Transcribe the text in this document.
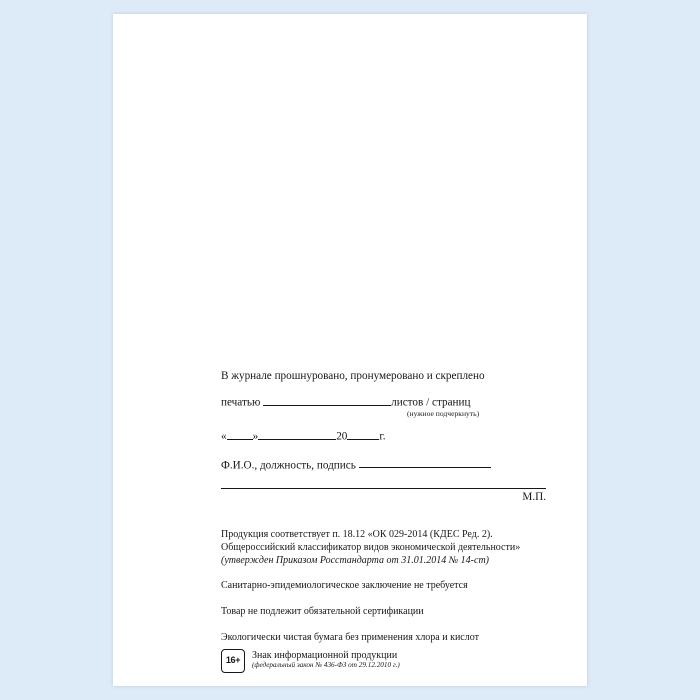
В журнале прошнуровано, пронумеровано и скреплено

печатью	листов / страниц

(нужное подчеркнуть)

« »	20	г.

Ф.И.О., должность, подпись

М.П.

Продукция соответствует п. 18.12 «ОК 029-2014 (КДЕС Ред. 2).
Общероссийский классификатор видов экономической деятельности»
(утвержден Приказом Росстандарта от 31.01.2014 № 14-ст)

Санитарно-эпидемиологическое заключение не требуется

Товар не подлежит обязательной сертификации

Экологически чистая бумага без применения хлора и кислот

16+	Знак информационной продукции
(федеральный закон № 436-ФЗ от 29.12.2010 г.)
